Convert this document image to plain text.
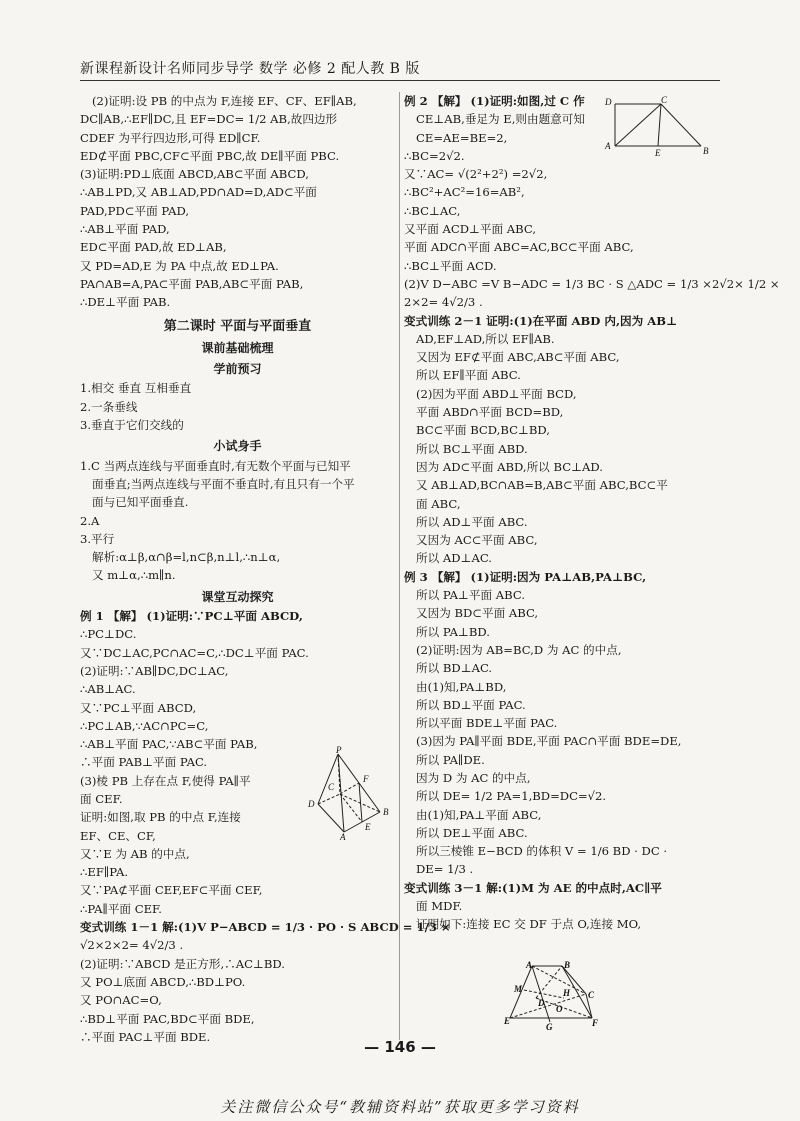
新课程新设计名师同步导学 数学 必修 2 配人教 B 版
(2)证明:设 PB 的中点为 F,连接 EF、CF、EF∥AB,
DC∥AB,∴EF∥DC,且 EF=DC= 1/2 AB,故四边形
CDEF 为平行四边形,可得 ED∥CF.
ED⊄平面 PBC,CF⊂平面 PBC,故 DE∥平面 PBC.
(3)证明:PD⊥底面 ABCD,AB⊂平面 ABCD,
∴AB⊥PD,又 AB⊥AD,PD∩AD=D,AD⊂平面
PAD,PD⊂平面 PAD,
∴AB⊥平面 PAD,
ED⊂平面 PAD,故 ED⊥AB,
又 PD=AD,E 为 PA 中点,故 ED⊥PA.
PA∩AB=A,PA⊂平面 PAB,AB⊂平面 PAB,
∴DE⊥平面 PAB.
第二课时 平面与平面垂直
课前基础梳理
学前预习
1.相交 垂直 互相垂直
2.一条垂线
3.垂直于它们交线的
小试身手
1.C 当两点连线与平面垂直时,有无数个平面与已知平
面垂直;当两点连线与平面不垂直时,有且只有一个平
面与已知平面垂直.
2.A
3.平行
解析:α⊥β,α∩β=l,n⊂β,n⊥l,∴n⊥α,
又 m⊥α,∴m∥n.
课堂互动探究
例 1 【解】 (1)证明:∵PC⊥平面 ABCD,
∴PC⊥DC.
又∵DC⊥AC,PC∩AC=C,∴DC⊥平面 PAC.
(2)证明:∵AB∥DC,DC⊥AC,
∴AB⊥AC.
又∵PC⊥平面 ABCD,
∴PC⊥AB,∵AC∩PC=C,
∴AB⊥平面 PAC,∵AB⊂平面 PAB,
∴平面 PAB⊥平面 PAC.
(3)棱 PB 上存在点 F,使得 PA∥平
面 CEF.
证明:如图,取 PB 的中点 F,连接
EF、CE、CF,
又∵E 为 AB 的中点,
∴EF∥PA.
又∵PA⊄平面 CEF,EF⊂平面 CEF,
∴PA∥平面 CEF.
变式训练 1－1 解:(1)V P−ABCD = 1/3 · PO · S ABCD = 1/3 ×
√2×2×2= 4√2/3 .
(2)证明:∵ABCD 是正方形,∴AC⊥BD.
又 PO⊥底面 ABCD,∴BD⊥PO.
又 PO∩AC=O,
∴BD⊥平面 PAC,BD⊂平面 BDE,
∴平面 PAC⊥平面 BDE.
例 2 【解】 (1)证明:如图,过 C 作
CE⊥AB,垂足为 E,则由题意可知
CE=AE=BE=2,
∴BC=2√2.
又∵AC= √(2²+2²) =2√2,
∴BC²+AC²=16=AB²,
∴BC⊥AC,
又平面 ACD⊥平面 ABC,
平面 ADC∩平面 ABC=AC,BC⊂平面 ABC,
∴BC⊥平面 ACD.
(2)V D−ABC =V B−ADC = 1/3 BC · S △ADC = 1/3 ×2√2× 1/2 ×
2×2= 4√2/3 .
变式训练 2－1 证明:(1)在平面 ABD 内,因为 AB⊥
AD,EF⊥AD,所以 EF∥AB.
又因为 EF⊄平面 ABC,AB⊂平面 ABC,
所以 EF∥平面 ABC.
(2)因为平面 ABD⊥平面 BCD,
平面 ABD∩平面 BCD=BD,
BC⊂平面 BCD,BC⊥BD,
所以 BC⊥平面 ABD.
因为 AD⊂平面 ABD,所以 BC⊥AD.
又 AB⊥AD,BC∩AB=B,AB⊂平面 ABC,BC⊂平
面 ABC,
所以 AD⊥平面 ABC.
又因为 AC⊂平面 ABC,
所以 AD⊥AC.
例 3 【解】 (1)证明:因为 PA⊥AB,PA⊥BC,
所以 PA⊥平面 ABC.
又因为 BD⊂平面 ABC,
所以 PA⊥BD.
(2)证明:因为 AB=BC,D 为 AC 的中点,
所以 BD⊥AC.
由(1)知,PA⊥BD,
所以 BD⊥平面 PAC.
所以平面 BDE⊥平面 PAC.
(3)因为 PA∥平面 BDE,平面 PAC∩平面 BDE=DE,
所以 PA∥DE.
因为 D 为 AC 的中点,
所以 DE= 1/2 PA=1,BD=DC=√2.
由(1)知,PA⊥平面 ABC,
所以 DE⊥平面 ABC.
所以三棱锥 E−BCD 的体积 V = 1/6 BD · DC ·
DE= 1/3 .
变式训练 3－1 解:(1)M 为 AE 的中点时,AC∥平
面 MDF.
证明如下:连接 EC 交 DF 于点 O,连接 MO,
P
C
F
D
B
E
A
D	C
A
E	B
A	B
M	H
D
O
C
E
G	F
— 146 —
关注微信公众号“教辅资料站”获取更多学习资料
